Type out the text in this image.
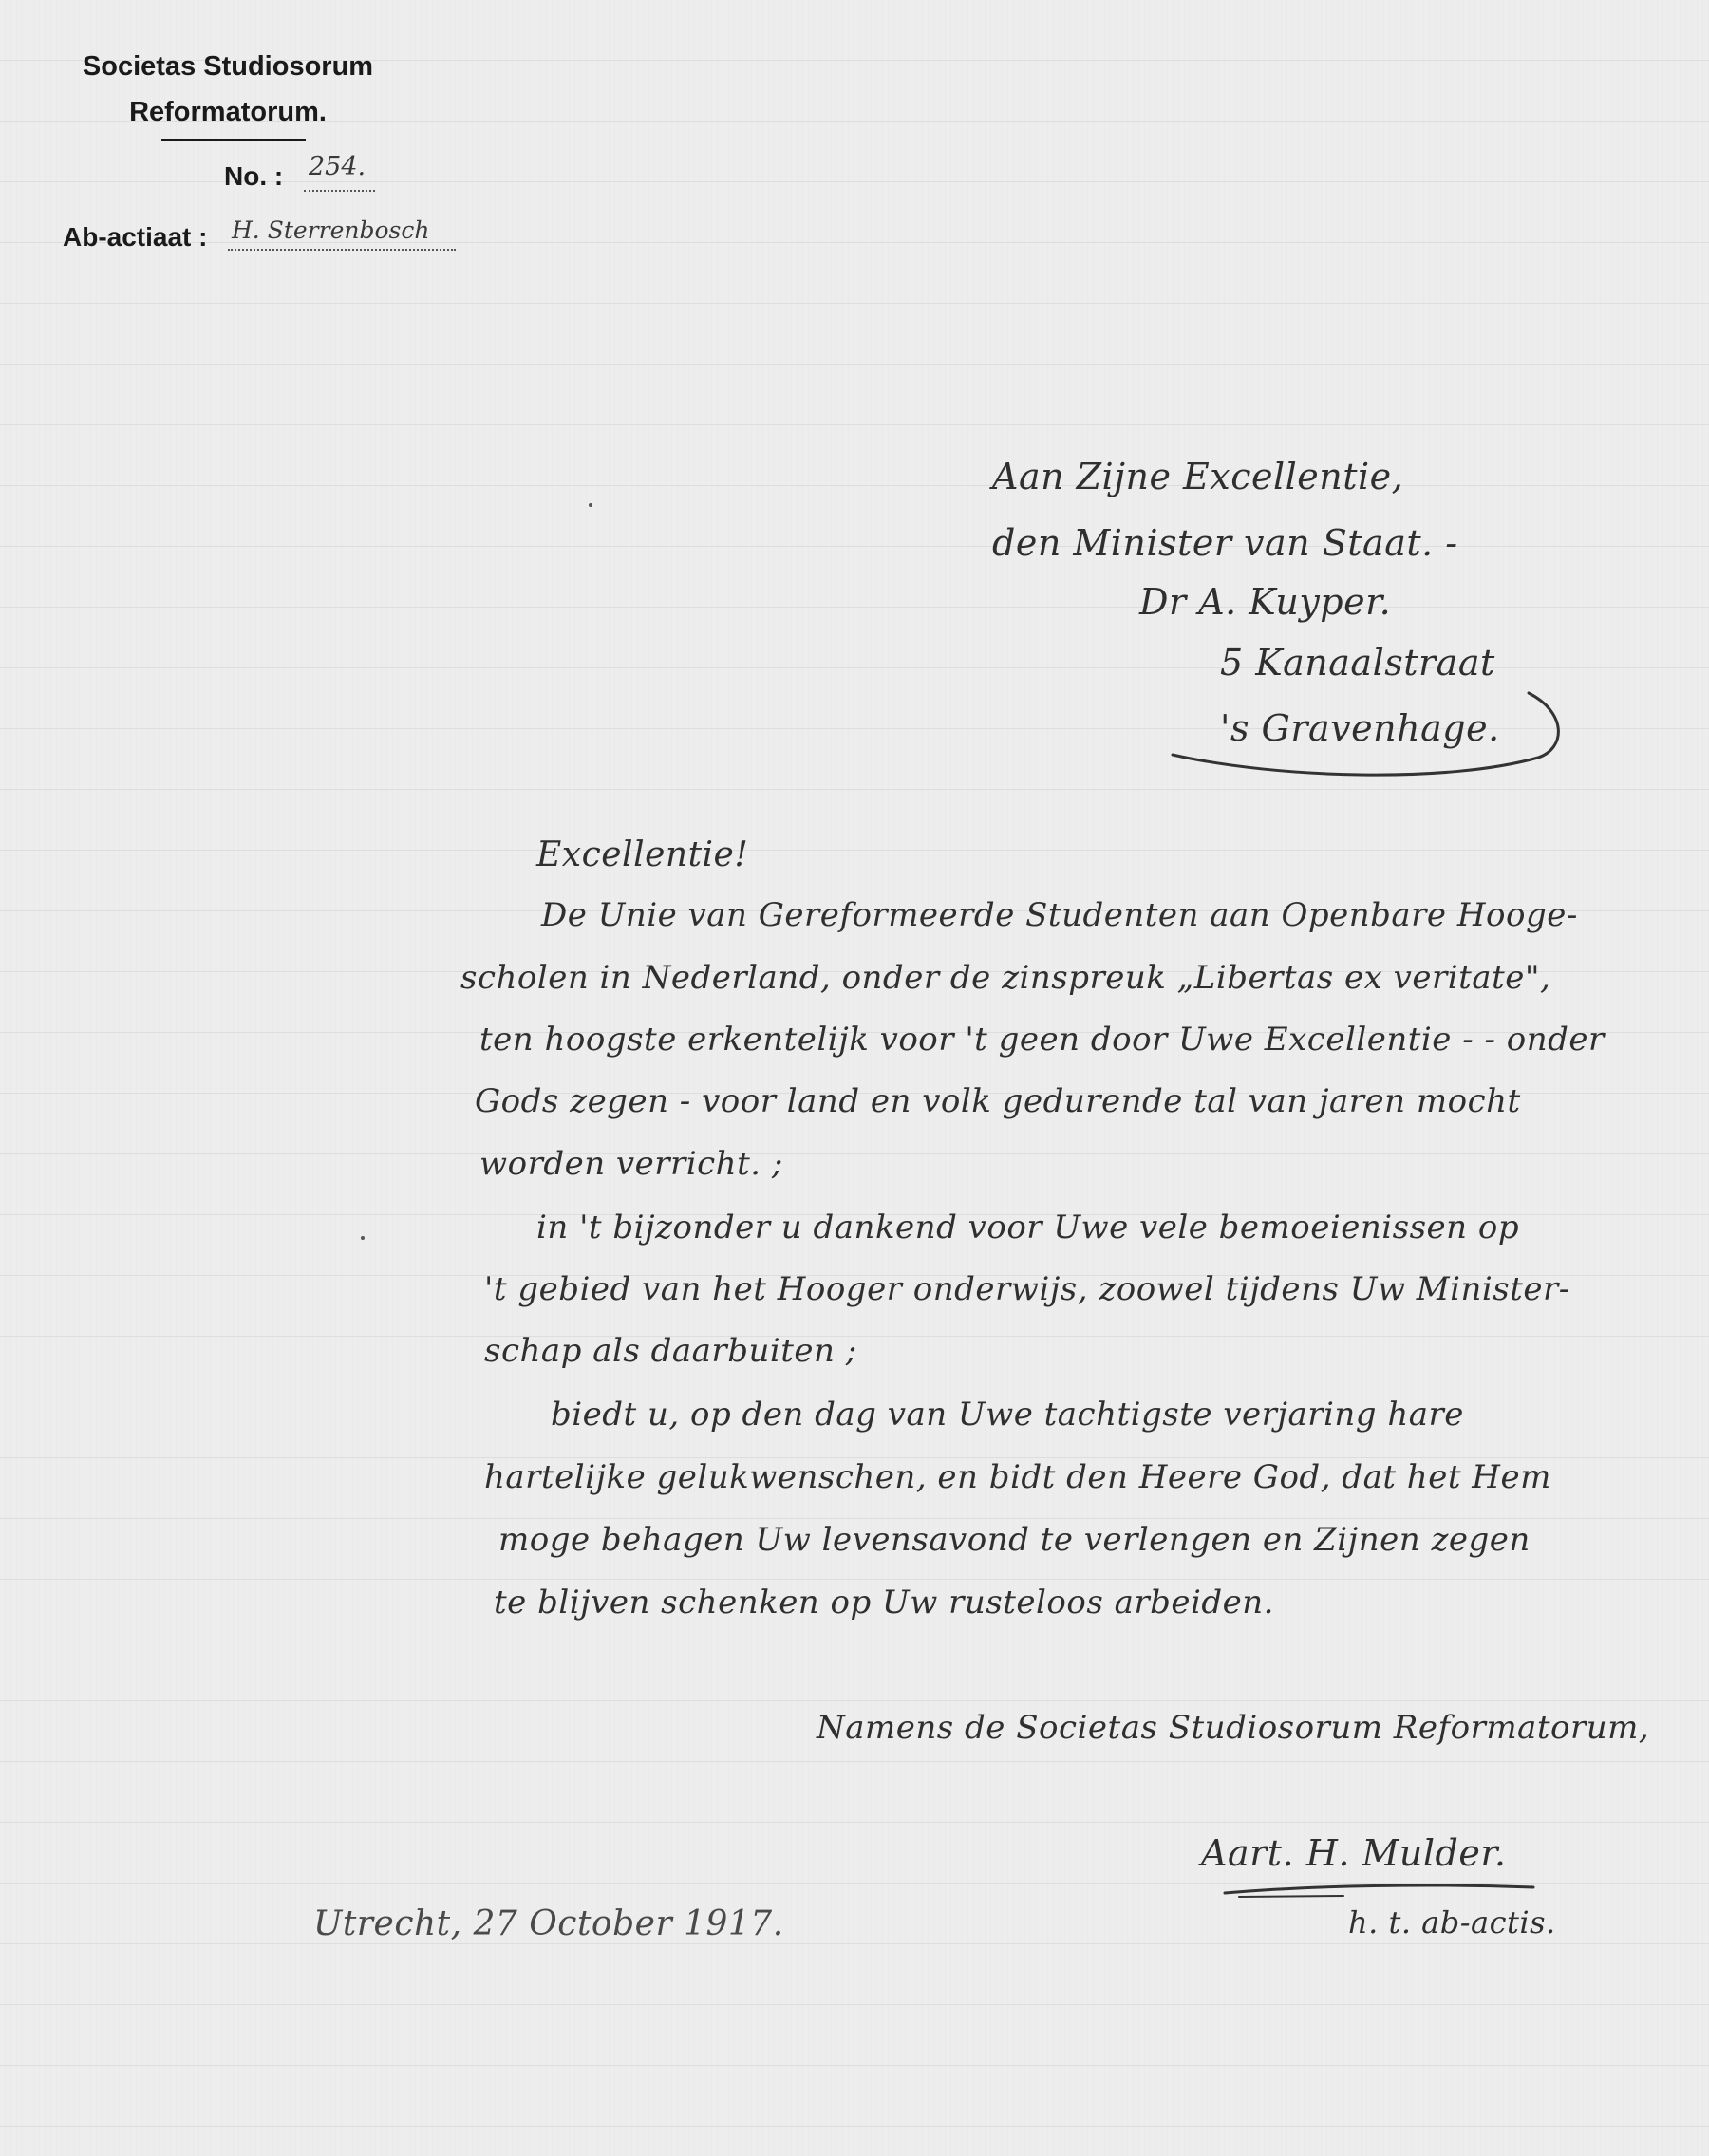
Societas Studiosorum
Reformatorum.
No. : 254.
Ab-actiaat : H. Sterrenbosch
Aan Zijne Excellentie,
den Minister van Staat. -
Dr A. Kuyper.
5 Kanaalstraat
's Gravenhage.
Excellentie!
De Unie van Gereformeerde Studenten aan Openbare Hooge-
scholen in Nederland, onder de zinspreuk „Libertas ex veritate",
ten hoogste erkentelijk voor 't geen door Uwe Excellentie - - onder
Gods zegen - voor land en volk gedurende tal van jaren mocht
worden verricht. ;
in 't bijzonder u dankend voor Uwe vele bemoeienissen op
't gebied van het Hooger onderwijs, zoowel tijdens Uw Minister-
schap als daarbuiten ;
biedt u, op den dag van Uwe tachtigste verjaring hare
hartelijke gelukwenschen, en bidt den Heere God, dat het Hem
moge behagen Uw levensavond te verlengen en Zijnen zegen
te blijven schenken op Uw rusteloos arbeiden.
Namens de Societas Studiosorum Reformatorum,
Aart. H. Mulder.
h. t. ab-actis.
Utrecht, 27 October 1917.
